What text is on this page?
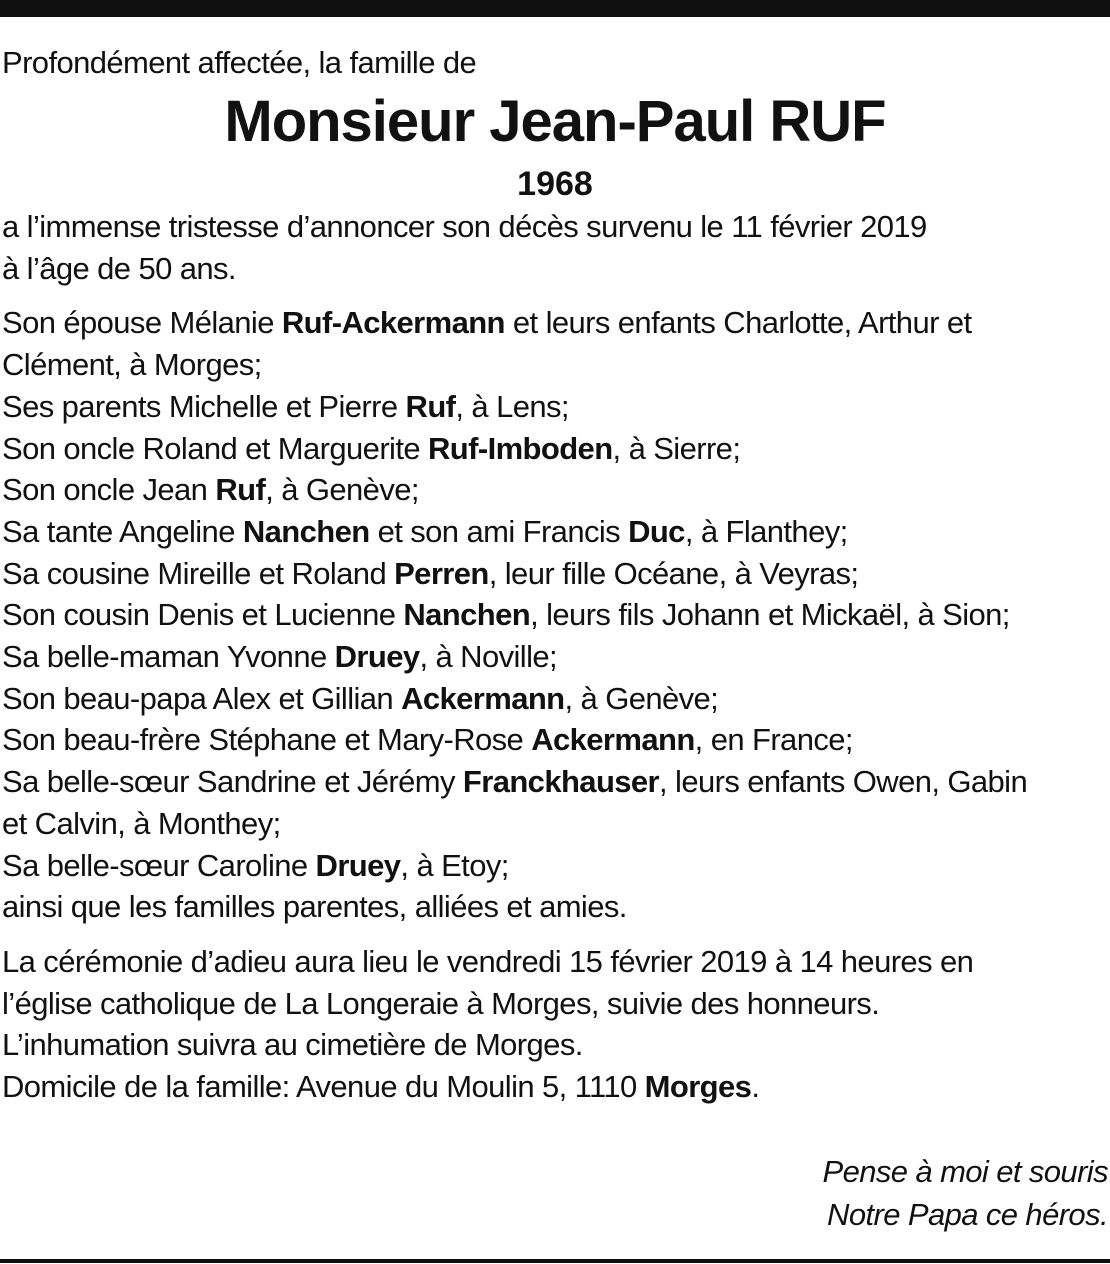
Profondément affectée, la famille de
Monsieur Jean-Paul RUF
1968
a l’immense tristesse d’annoncer son décès survenu le 11 février 2019
à l’âge de 50 ans.
Son épouse Mélanie Ruf-Ackermann et leurs enfants Charlotte, Arthur et
Clément, à Morges;
Ses parents Michelle et Pierre Ruf, à Lens;
Son oncle Roland et Marguerite Ruf-Imboden, à Sierre;
Son oncle Jean Ruf, à Genève;
Sa tante Angeline Nanchen et son ami Francis Duc, à Flanthey;
Sa cousine Mireille et Roland Perren, leur fille Océane, à Veyras;
Son cousin Denis et Lucienne Nanchen, leurs fils Johann et Mickaël, à Sion;
Sa belle-maman Yvonne Druey, à Noville;
Son beau-papa Alex et Gillian Ackermann, à Genève;
Son beau-frère Stéphane et Mary-Rose Ackermann, en France;
Sa belle-sœur Sandrine et Jérémy Franckhauser, leurs enfants Owen, Gabin
et Calvin, à Monthey;
Sa belle-sœur Caroline Druey, à Etoy;
ainsi que les familles parentes, alliées et amies.
La cérémonie d’adieu aura lieu le vendredi 15 février 2019 à 14 heures en
l’église catholique de La Longeraie à Morges, suivie des honneurs.
L’inhumation suivra au cimetière de Morges.
Domicile de la famille: Avenue du Moulin 5, 1110 Morges.
Pense à moi et souris
Notre Papa ce héros.
